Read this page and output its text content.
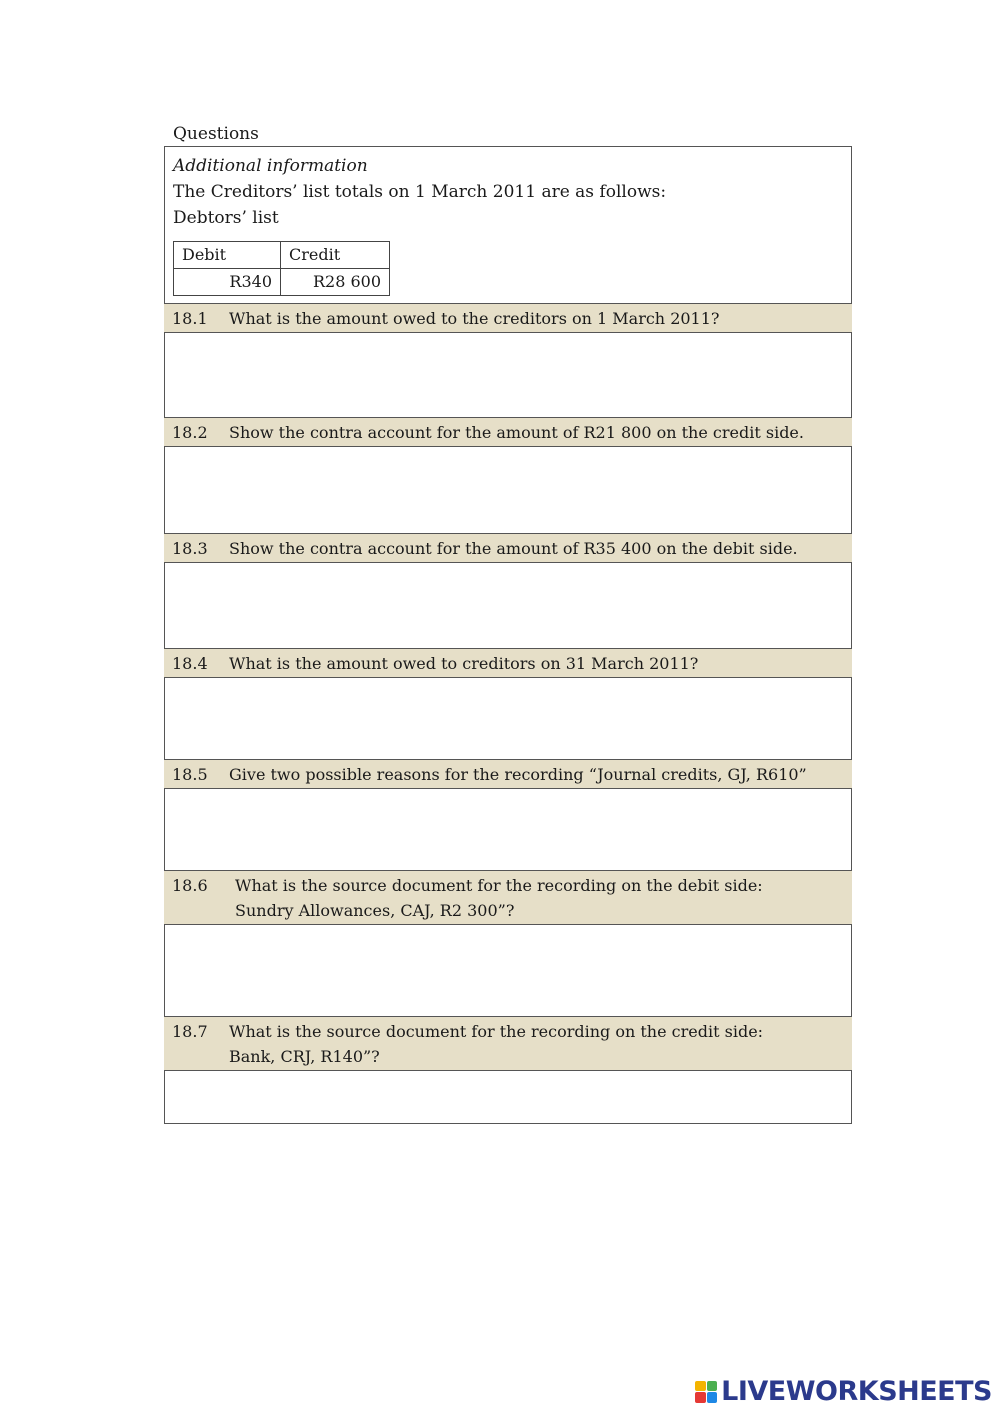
Questions
Additional information
The Creditors’ list totals on 1 March 2011 are as follows:
Debtors’ list
Debit	Credit
R340	R28 600
18.1	What is the amount owed to the creditors on 1 March 2011?
18.2	Show the contra account for the amount of R21 800 on the credit side.
18.3	Show the contra account for the amount of R35 400 on the debit side.
18.4	What is the amount owed to creditors on 31 March 2011?
18.5	Give two possible reasons for the recording “Journal credits, GJ, R610”
18.6	What is the source document for the recording on the debit side: Sundry Allowances, CAJ, R2 300”?
18.7	What is the source document for the recording on the credit side: Bank, CRJ, R140”?
LIVEWORKSHEETS
